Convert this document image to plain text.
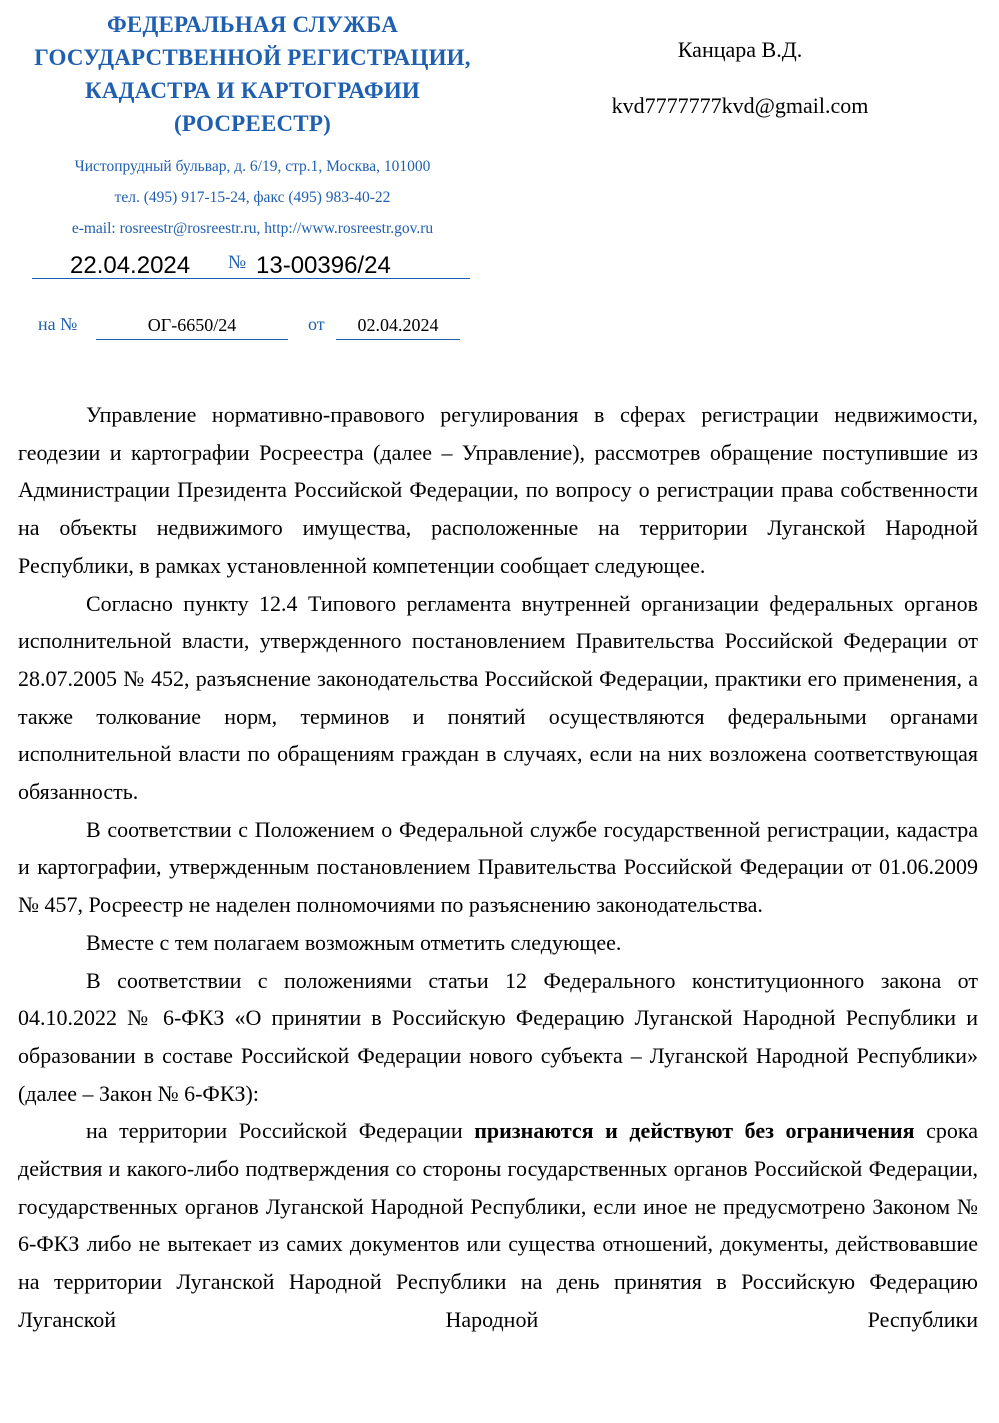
ФЕДЕРАЛЬНАЯ СЛУЖБА
ГОСУДАРСТВЕННОЙ РЕГИСТРАЦИИ,
КАДАСТРА И КАРТОГРАФИИ
(РОСРЕЕСТР)
Чистопрудный бульвар, д. 6/19, стр.1, Москва, 101000
тел. (495) 917-15-24, факс (495) 983-40-22
e-mail: rosreestr@rosreestr.ru, http://www.rosreestr.gov.ru
22.04.2024 № 13-00396/24
на №	ОГ-6650/24	от	02.04.2024
Канцара В.Д.
kvd7777777kvd@gmail.com

Управление нормативно-правового регулирования в сферах регистрации недвижимости, геодезии и картографии Росреестра (далее – Управление), рассмотрев обращение поступившие из Администрации Президента Российской Федерации, по вопросу о регистрации права собственности на объекты недвижимого имущества, расположенные на территории Луганской Народной Республики, в рамках установленной компетенции сообщает следующее.

Согласно пункту 12.4 Типового регламента внутренней организации федеральных органов исполнительной власти, утвержденного постановлением Правительства Российской Федерации от 28.07.2005 № 452, разъяснение законодательства Российской Федерации, практики его применения, а также толкование норм, терминов и понятий осуществляются федеральными органами исполнительной власти по обращениям граждан в случаях, если на них возложена соответствующая обязанность.

В соответствии с Положением о Федеральной службе государственной регистрации, кадастра и картографии, утвержденным постановлением Правительства Российской Федерации от 01.06.2009 № 457, Росреестр не наделен полномочиями по разъяснению законодательства.

Вместе с тем полагаем возможным отметить следующее.

В соответствии с положениями статьи 12 Федерального конституционного закона от 04.10.2022 № 6-ФКЗ «О принятии в Российскую Федерацию Луганской Народной Республики и образовании в составе Российской Федерации нового субъекта – Луганской Народной Республики» (далее – Закон № 6-ФКЗ):

на территории Российской Федерации признаются и действуют без ограничения срока действия и какого-либо подтверждения со стороны государственных органов Российской Федерации, государственных органов Луганской Народной Республики, если иное не предусмотрено Законом № 6-ФКЗ либо не вытекает из самих документов или существа отношений, документы, действовавшие на территории Луганской Народной Республики на день принятия в Российскую Федерацию Луганской Народной Республики
